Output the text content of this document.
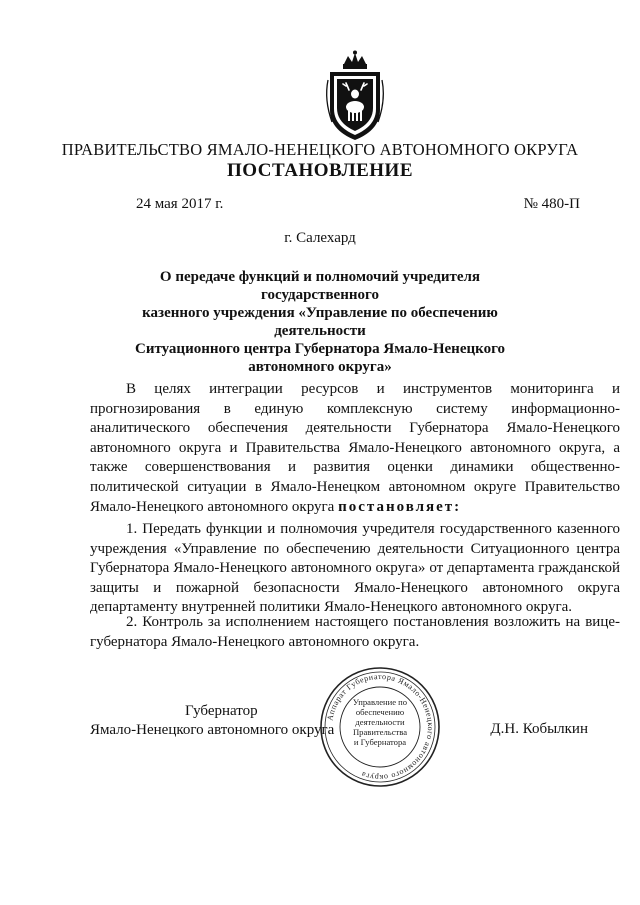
ПРАВИТЕЛЬСТВО ЯМАЛО-НЕНЕЦКОГО АВТОНОМНОГО ОКРУГА
ПОСТАНОВЛЕНИЕ
24 мая 2017 г.	№ 480-П
г. Салехард
О передаче функций и полномочий учредителя государственного
казенного учреждения «Управление по обеспечению деятельности
Ситуационного центра Губернатора Ямало-Ненецкого
автономного округа»
В целях интеграции ресурсов и инструментов мониторинга и прогнозирования в единую комплексную систему информационно-аналитического обеспечения деятельности Губернатора Ямало-Ненецкого автономного округа и Правительства Ямало-Ненецкого автономного округа, а также совершенствования и развития оценки динамики общественно-политической ситуации в Ямало-Ненецком автономном округе Правительство Ямало-Ненецкого автономного округа постановляет:
1. Передать функции и полномочия учредителя государственного казенного учреждения «Управление по обеспечению деятельности Ситуационного центра Губернатора Ямало-Ненецкого автономного округа» от департамента гражданской защиты и пожарной безопасности Ямало-Ненецкого автономного округа департаменту внутренней политики Ямало-Ненецкого автономного округа.
2. Контроль за исполнением настоящего постановления возложить на вице-губернатора Ямало-Ненецкого автономного округа.
Губернатор
Ямало-Ненецкого автономного округа	Д.Н. Кобылкин
Аппарат Губернатора Ямало-Ненецкого автономного округа
Управление по
обеспечению
деятельности
Правительства
и Губернатора
